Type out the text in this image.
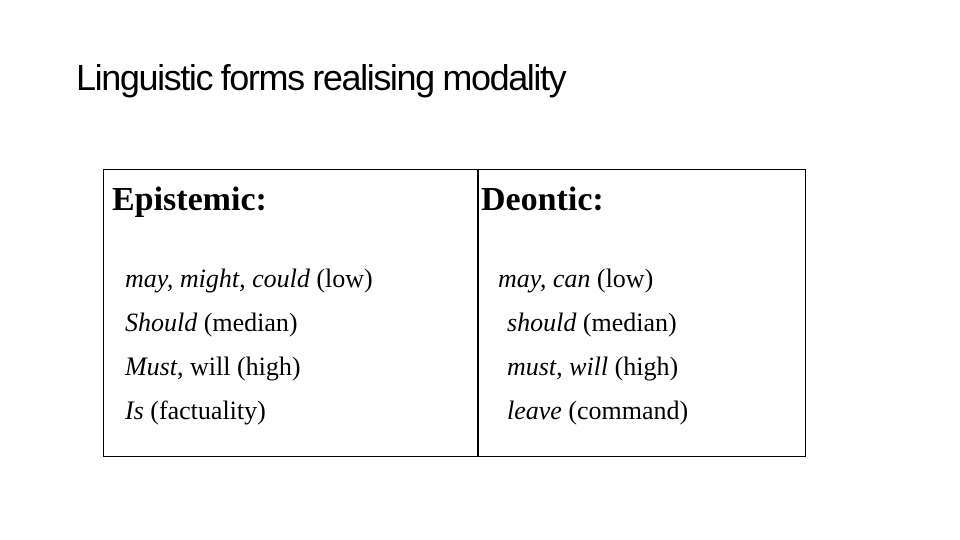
Linguistic forms realising modality
Epistemic:	Deontic:
may, might, could (low)
Should (median)
Must, will (high)
Is (factuality)
may, can (low)
should (median)
must, will (high)
leave (command)
